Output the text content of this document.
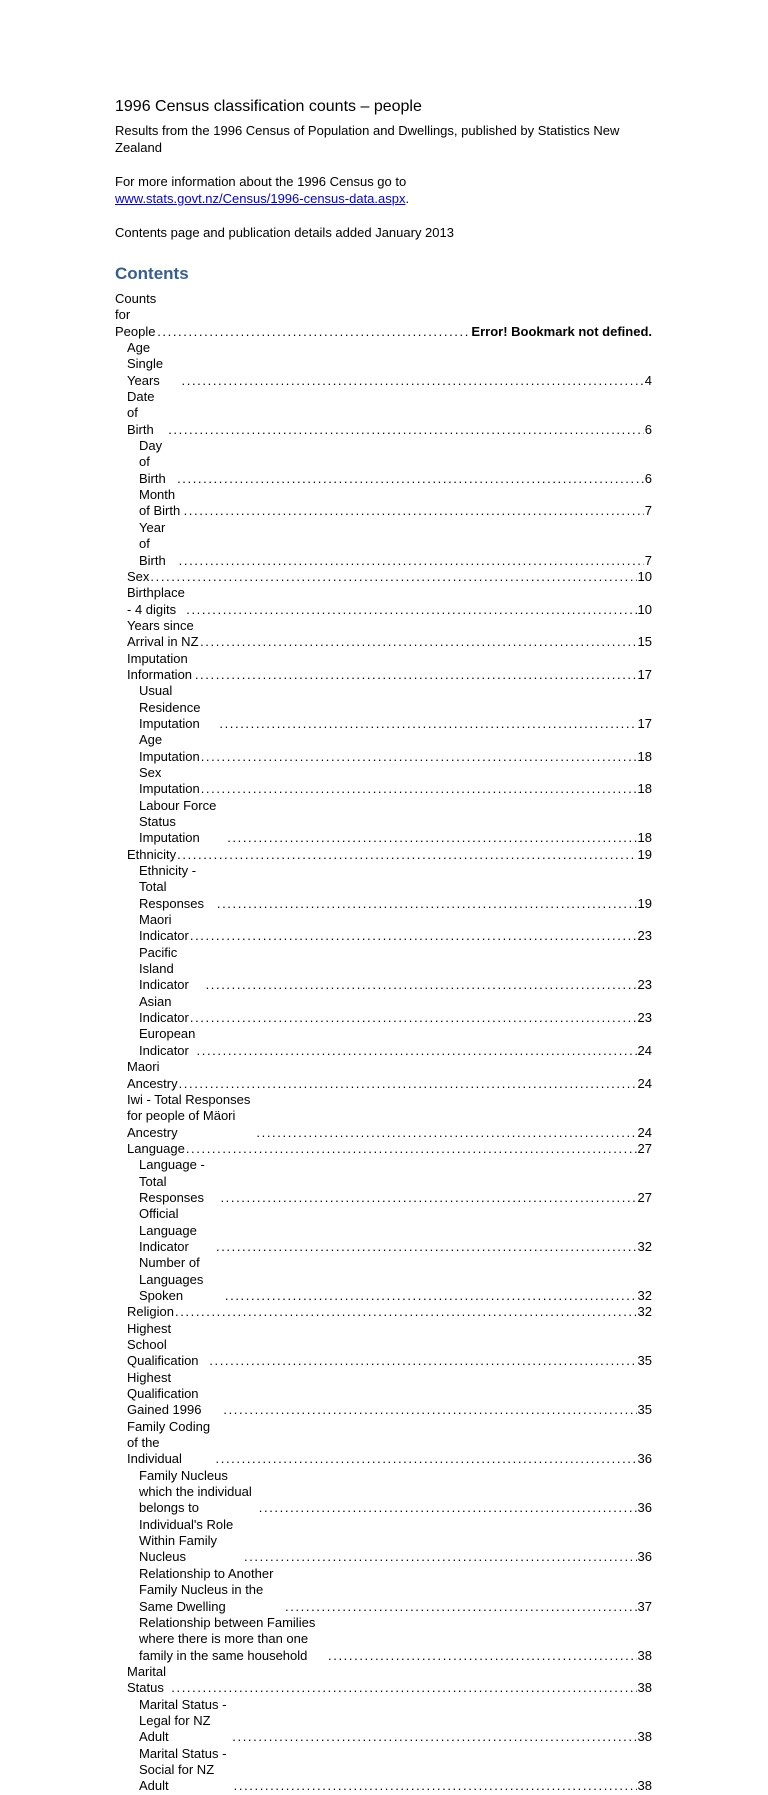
1996 Census classification counts – people

Results from the 1996 Census of Population and Dwellings, published by Statistics New Zealand

For more information about the 1996 Census go to
www.stats.govt.nz/Census/1996-census-data.aspx.

Contents page and publication details added January 2013

Contents
Counts for People .....	Error! Bookmark not defined.
Age Single Years .....	4
Date of Birth .....	6
Day of Birth .....	6
Month of Birth .....	7
Year of Birth .....	7
Sex .....	10
Birthplace - 4 digits .....	10
Years since Arrival in NZ .....	15
Imputation Information .....	17
Usual Residence Imputation .....	17
Age Imputation .....	18
Sex Imputation .....	18
Labour Force Status Imputation .....	18
Ethnicity .....	19
Ethnicity - Total Responses .....	19
Maori Indicator .....	23
Pacific Island Indicator .....	23
Asian Indicator .....	23
European Indicator .....	24
Maori Ancestry .....	24
Iwi - Total Responses for people of Mäori Ancestry .....	24
Language .....	27
Language - Total Responses .....	27
Official Language Indicator .....	32
Number of Languages Spoken .....	32
Religion .....	32
Highest School Qualification .....	35
Highest Qualification Gained 1996 .....	35
Family Coding of the Individual .....	36
Family Nucleus which the individual belongs to .....	36
Individual's Role Within Family Nucleus .....	36
Relationship to Another Family Nucleus in the Same Dwelling .....	37
Relationship between Families where there is more than one family in the same household .....	38
Marital Status .....	38
Marital Status - Legal for NZ Adult .....	38
Marital Status - Social for NZ Adult .....	38
